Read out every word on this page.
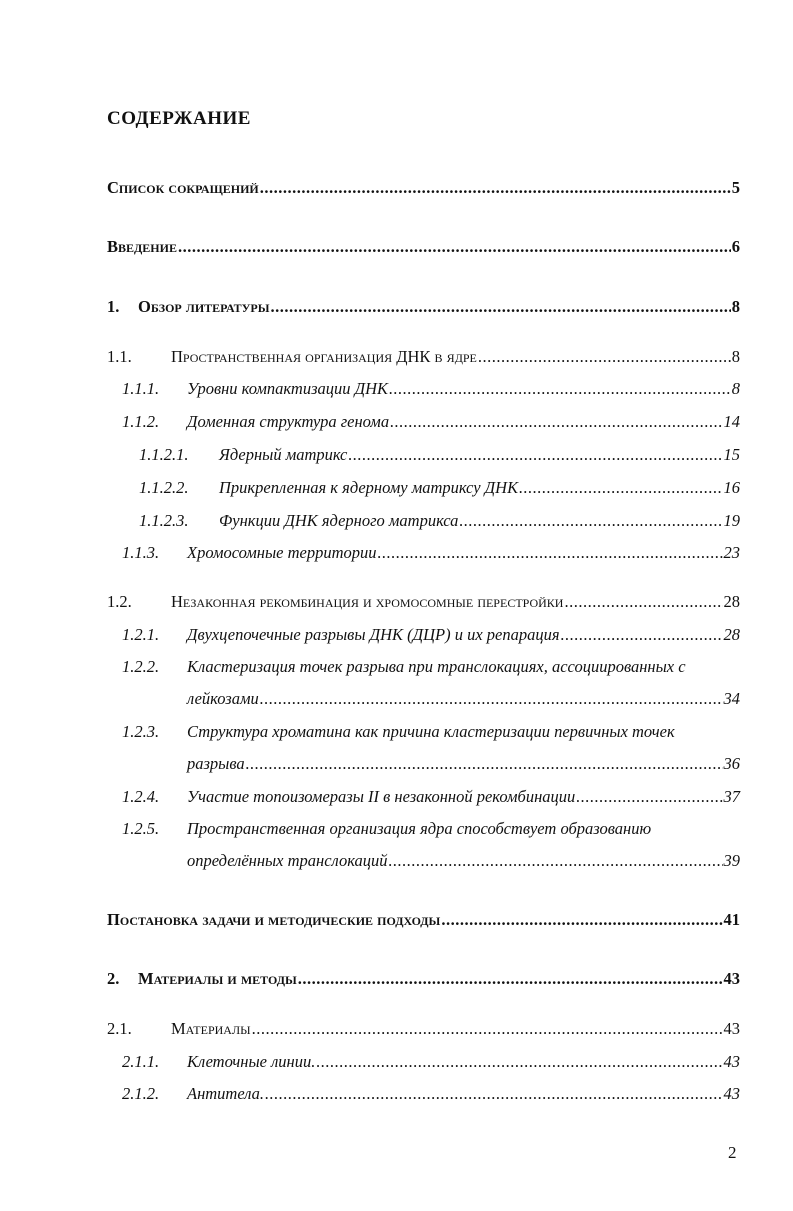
СОДЕРЖАНИЕ
Список сокращений .....	5
Введение .....	6
1. Обзор литературы .....	8
1.1. Пространственная организация ДНК в ядре .....	8
1.1.1. Уровни компактизации ДНК .....	8
1.1.2. Доменная структура генома .....	14
1.1.2.1. Ядерный матрикс .....	15
1.1.2.2. Прикрепленная к ядерному матриксу ДНК .....	16
1.1.2.3. Функции ДНК ядерного матрикса .....	19
1.1.3. Хромосомные территории .....	23
1.2. Незаконная рекомбинация и хромосомные перестройки .....	28
1.2.1. Двухцепочечные разрывы ДНК (ДЦР) и их репарация .....	28
1.2.2. Кластеризация точек разрыва при транслокациях, ассоциированных с
лейкозами .....	34
1.2.3. Структура хроматина как причина кластеризации первичных точек
разрыва .....	36
1.2.4. Участие топоизомеразы II в незаконной рекомбинации .....	37
1.2.5. Пространственная организация ядра способствует образованию
определённых транслокаций .....	39
Постановка задачи и методические подходы .....	41
2. Материалы и методы .....	43
2.1. Материалы .....	43
2.1.1. Клеточные линии. .....	43
2.1.2. Антитела. .....	43
2
